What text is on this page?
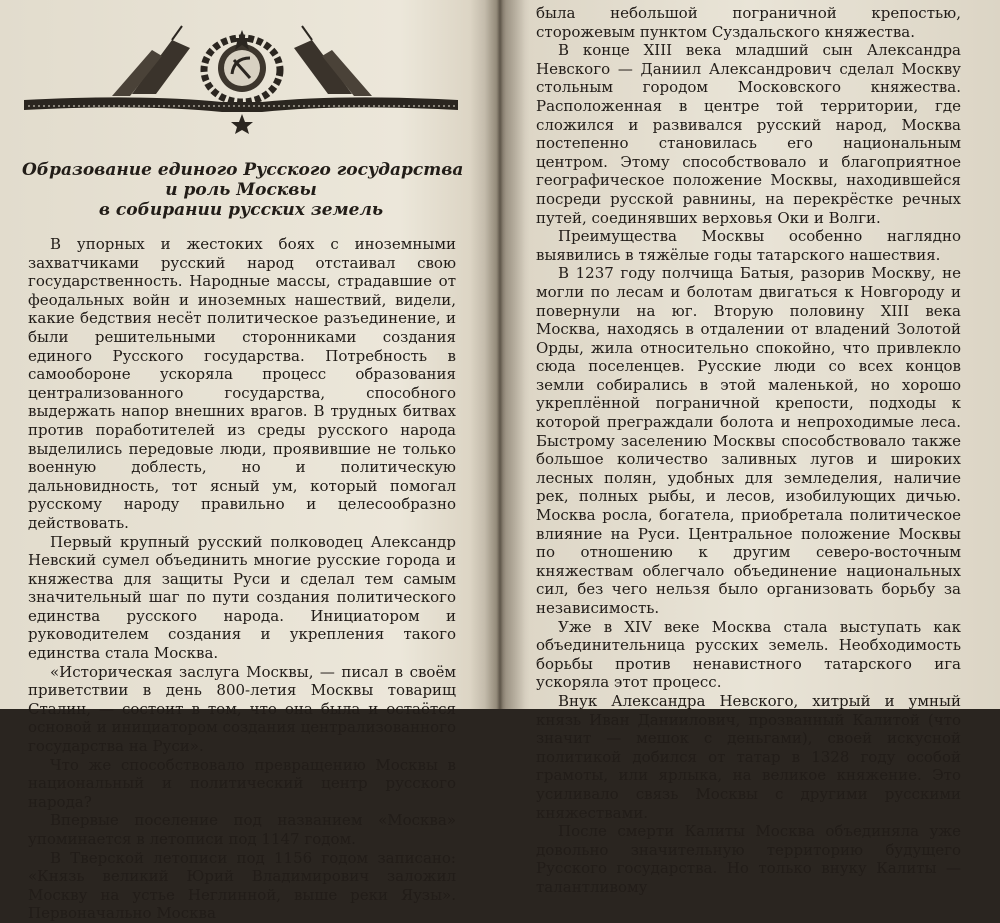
Образование единого Русского государства
и роль Москвы
в собирании русских земель

В упорных и жестоких боях с иноземными захватчиками русский народ отстаивал свою государственность. Народные массы, страдавшие от феодальных войн и иноземных нашествий, видели, какие бедствия несёт политическое разъединение, и были решительными сторонниками создания единого Русского государства. Потребность в самообороне ускоряла процесс образования централизованного государства, способного выдержать напор внешних врагов. В трудных битвах против поработителей из среды русского народа выделились передовые люди, проявившие не только военную доблесть, но и политическую дальновидность, тот ясный ум, который помогал русскому народу правильно и целесообразно действовать.

Первый крупный русский полководец Александр Невский сумел объединить многие русские города и княжества для защиты Руси и сделал тем самым значительный шаг по пути создания политического единства русского народа. Инициатором и руководителем создания и укрепления такого единства стала Москва.

«Историческая заслуга Москвы, — писал в своём приветствии в день 800-летия Москвы товарищ Сталин, — состоит в том, что она была и остаётся основой и инициатором создания централизованного государства на Руси».

Что же способствовало превращению Москвы в национальный и политический центр русского народа?

Впервые поселение под названием «Москва» упоминается в летописи под 1147 годом.

В Тверской летописи под 1156 годом записано: «Князь великий Юрий Владимирович заложил Москву на устье Неглинной, выше реки Яузы». Первоначально Москва

была небольшой пограничной крепостью, сторожевым пунктом Суздальского княжества.

В конце XIII века младший сын Александра Невского — Даниил Александрович сделал Москву стольным городом Московского княжества. Расположенная в центре той территории, где сложился и развивался русский народ, Москва постепенно становилась его национальным центром. Этому способствовало и благоприятное географическое положение Москвы, находившейся посреди русской равнины, на перекрёстке речных путей, соединявших верховья Оки и Волги.

Преимущества Москвы особенно наглядно выявились в тяжёлые годы татарского нашествия.

В 1237 году полчища Батыя, разорив Москву, не могли по лесам и болотам двигаться к Новгороду и повернули на юг. Вторую половину XIII века Москва, находясь в отдалении от владений Золотой Орды, жила относительно спокойно, что привлекло сюда поселенцев. Русские люди со всех концов земли собирались в этой маленькой, но хорошо укреплённой пограничной крепости, подходы к которой преграждали болота и непроходимые леса. Быстрому заселению Москвы способствовало также большое количество заливных лугов и широких лесных полян, удобных для земледелия, наличие рек, полных рыбы, и лесов, изобилующих дичью. Москва росла, богатела, приобретала политическое влияние на Руси. Центральное положение Москвы по отношению к другим северо-восточным княжествам облегчало объединение национальных сил, без чего нельзя было организовать борьбу за независимость.

Уже в XIV веке Москва стала выступать как объединительница русских земель. Необходимость борьбы против ненавистного татарского ига ускоряла этот процесс.

Внук Александра Невского, хитрый и умный князь Иван Даниилович, прозванный Калитой (что значит — мешок с деньгами), своей искусной политикой добился от татар в 1328 году особой грамоты, или ярлыка, на великое княжение. Это усиливало связь Москвы с другими русскими княжествами.

После смерти Калиты Москва объединяла уже довольно значительную территорию будущего Русского государства. Но только внуку Калиты — талантливому
